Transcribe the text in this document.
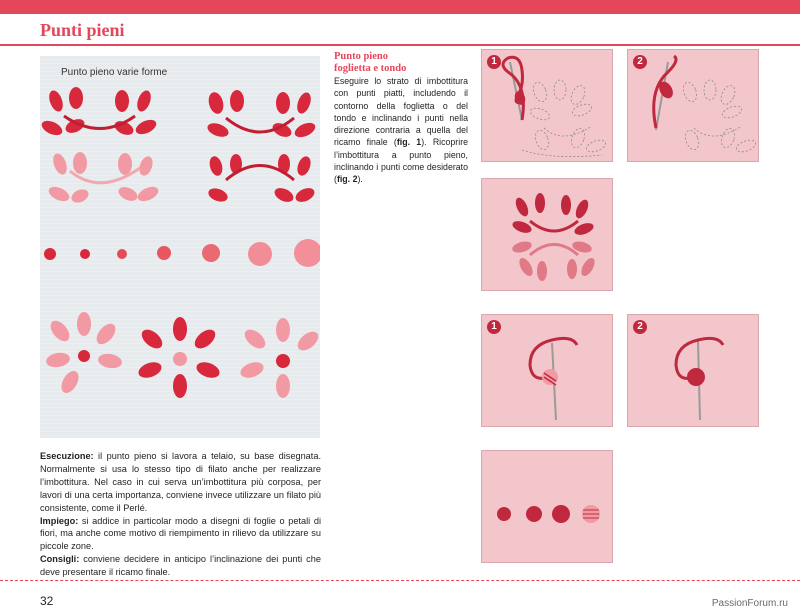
Punti pieni
Punto pieno varie forme
Esecuzione: il punto pieno si lavora a telaio, su base disegnata. Normalmente si usa lo stesso tipo di filato anche per realizzare l’imbottitura. Nel caso in cui serva un’imbottitura più corposa, per lavori di una certa importanza, conviene invece utilizzare un filato più consistente, come il Perlé.
Impiego: si addice in particolar modo a disegni di foglie o petali di fiori, ma anche come motivo di riempimento in rilievo da utilizzare su piccole zone.
Consigli: conviene decidere in anticipo l’inclinazione dei punti che deve presentare il ricamo finale.
Punto pieno
foglietta e tondo
Eseguire lo strato di imbottitura con punti piatti, includendo il contorno della foglietta o del tondo e inclinando i punti nella direzione contraria a quella del ricamo finale (fig. 1). Ricoprire l’imbottitura a punto pieno, inclinando i punti come desiderato (fig. 2).
1	2
1	2
32	PassionForum.ru
